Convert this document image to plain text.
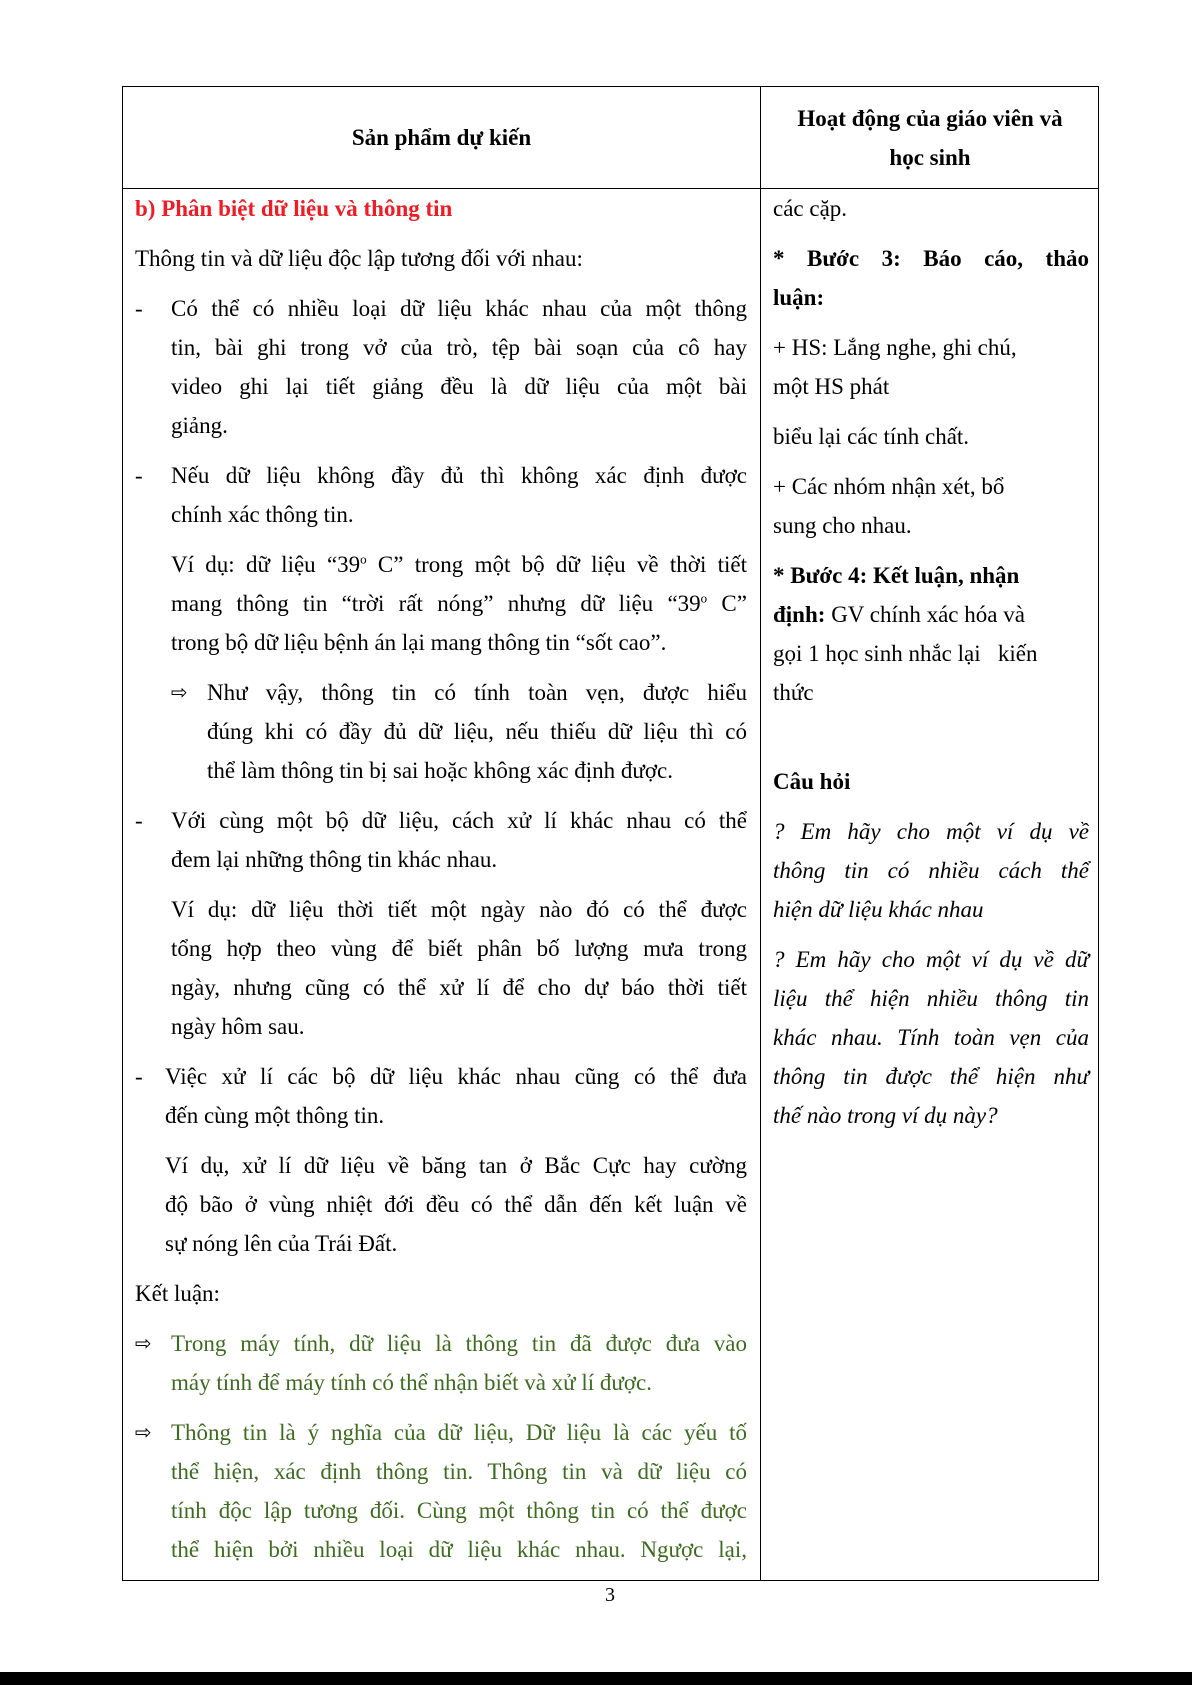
Sản phẩm dự kiến
Hoạt động của giáo viên và
học sinh

b) Phân biệt dữ liệu và thông tin

Thông tin và dữ liệu độc lập tương đối với nhau:

- Có thể có nhiều loại dữ liệu khác nhau của một thông

tin, bài ghi trong vở của trò, tệp bài soạn của cô hay

video ghi lại tiết giảng đều là dữ liệu của một bài

giảng.

- Nếu dữ liệu không đầy đủ thì không xác định được

chính xác thông tin.

Ví dụ: dữ liệu “39$^o$ C” trong một bộ dữ liệu về thời tiết

mang thông tin “trời rất nóng” nhưng dữ liệu “39$^o$ C”

trong bộ dữ liệu bệnh án lại mang thông tin “sốt cao”.

⇨ Như vậy, thông tin có tính toàn vẹn, được hiểu

đúng khi có đầy đủ dữ liệu, nếu thiếu dữ liệu thì có

thể làm thông tin bị sai hoặc không xác định được.

- Với cùng một bộ dữ liệu, cách xử lí khác nhau có thể

đem lại những thông tin khác nhau.

Ví dụ: dữ liệu thời tiết một ngày nào đó có thể được

tổng hợp theo vùng để biết phân bố lượng mưa trong

ngày, nhưng cũng có thể xử lí để cho dự báo thời tiết

ngày hôm sau.

- Việc xử lí các bộ dữ liệu khác nhau cũng có thể đưa

đến cùng một thông tin.

Ví dụ, xử lí dữ liệu về băng tan ở Bắc Cực hay cường

độ bão ở vùng nhiệt đới đều có thể dẫn đến kết luận về

sự nóng lên của Trái Đất.

Kết luận:

⇨ Trong máy tính, dữ liệu là thông tin đã được đưa vào

máy tính để máy tính có thể nhận biết và xử lí được.

⇨ Thông tin là ý nghĩa của dữ liệu, Dữ liệu là các yếu tố

thể hiện, xác định thông tin. Thông tin và dữ liệu có

tính độc lập tương đối. Cùng một thông tin có thể được

thể hiện bởi nhiều loại dữ liệu khác nhau. Ngược lại,

các cặp.

* Bước 3: Báo cáo, thảo

luận:

+ HS: Lắng nghe, ghi chú,

một HS phát

biểu lại các tính chất.

+ Các nhóm nhận xét, bổ

sung cho nhau.

* Bước 4: Kết luận, nhận

định: GV chính xác hóa và

gọi 1 học sinh nhắc lại   kiến

thức

Câu hỏi

? Em hãy cho một ví dụ về

thông tin có nhiều cách thể

hiện dữ liệu khác nhau

? Em hãy cho một ví dụ về dữ

liệu thể hiện nhiều thông tin

khác nhau. Tính toàn vẹn của

thông tin được thể hiện như

thế nào trong ví dụ này?

3
